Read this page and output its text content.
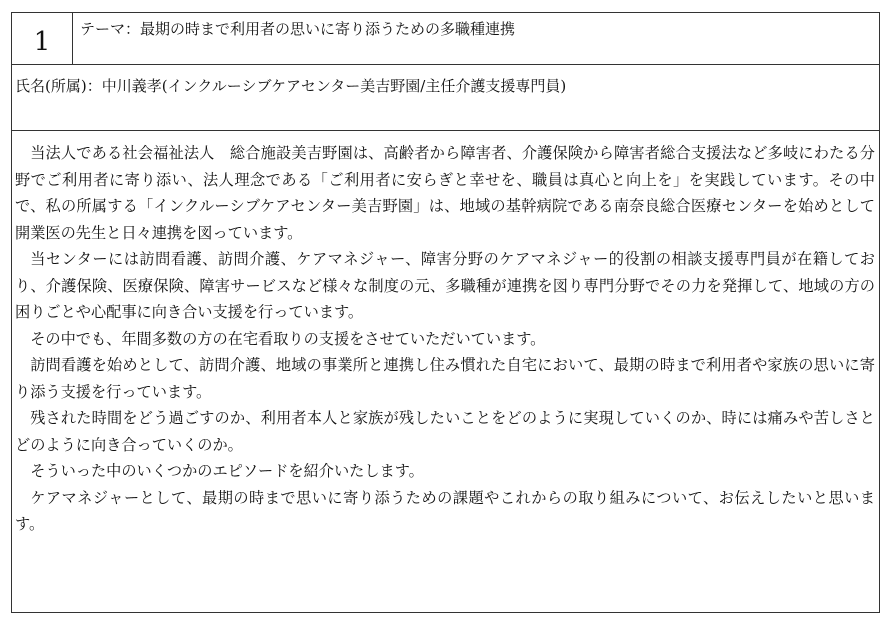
1	テーマ：最期の時まで利用者の思いに寄り添うための多職種連携
氏名(所属)：中川義孝(インクルーシブケアセンター美吉野園/主任介護支援専門員)

当法人である社会福祉法人　総合施設美吉野園は、高齢者から障害者、介護保険から障害者総合支援法など多岐にわたる分野でご利用者に寄り添い、法人理念である「ご利用者に安らぎと幸せを、職員は真心と向上を」を実践しています。その中で、私の所属する「インクルーシブケアセンター美吉野園」は、地域の基幹病院である南奈良総合医療センターを始めとして開業医の先生と日々連携を図っています。

当センターには訪問看護、訪問介護、ケアマネジャー、障害分野のケアマネジャー的役割の相談支援専門員が在籍しており、介護保険、医療保険、障害サービスなど様々な制度の元、多職種が連携を図り専門分野でその力を発揮して、地域の方の困りごとや心配事に向き合い支援を行っています。

その中でも、年間多数の方の在宅看取りの支援をさせていただいています。

訪問看護を始めとして、訪問介護、地域の事業所と連携し住み慣れた自宅において、最期の時まで利用者や家族の思いに寄り添う支援を行っています。

残された時間をどう過ごすのか、利用者本人と家族が残したいことをどのように実現していくのか、時には痛みや苦しさとどのように向き合っていくのか。

そういった中のいくつかのエピソードを紹介いたします。

ケアマネジャーとして、最期の時まで思いに寄り添うための課題やこれからの取り組みについて、お伝えしたいと思います。
